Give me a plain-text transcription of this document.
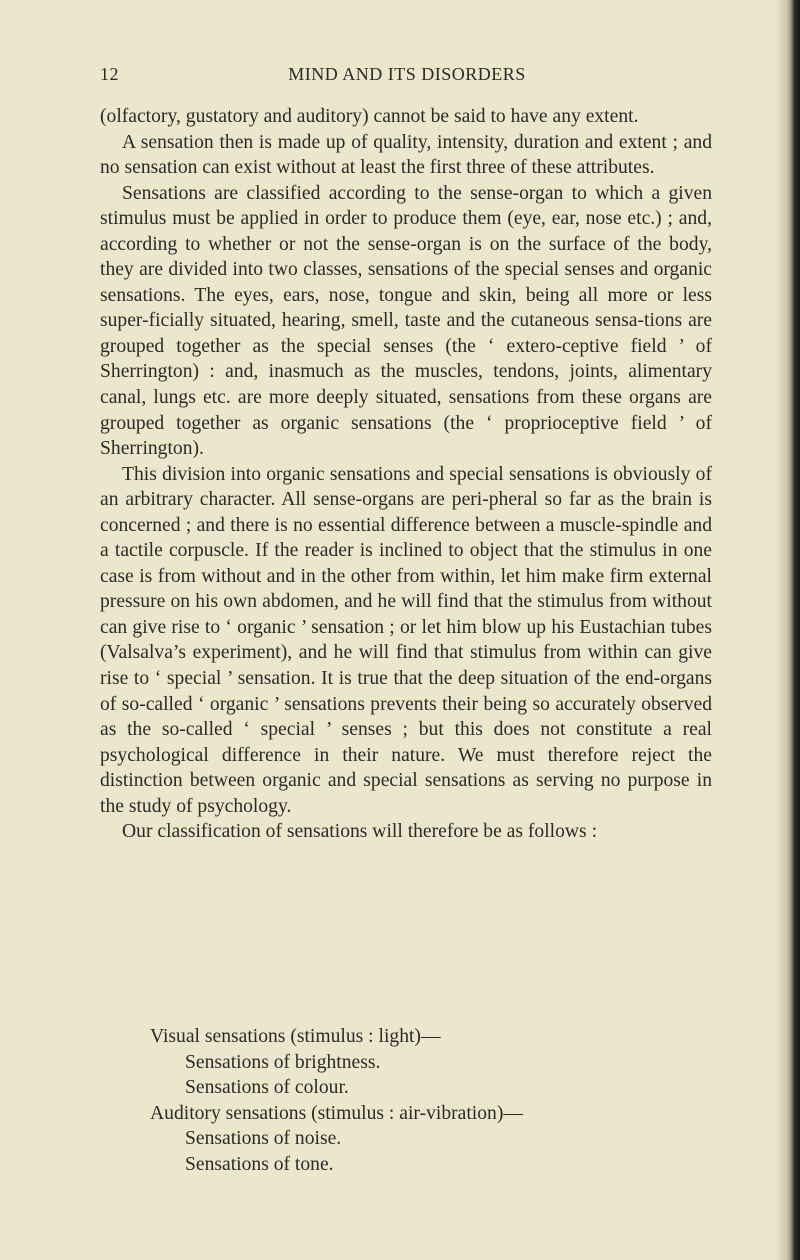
12	MIND AND ITS DISORDERS

(olfactory, gustatory and auditory) cannot be said to have any extent.

A sensation then is made up of quality, intensity, duration and extent ; and no sensation can exist without at least the first three of these attributes.

Sensations are classified according to the sense-organ to which a given stimulus must be applied in order to produce them (eye, ear, nose etc.) ; and, according to whether or not the sense-organ is on the surface of the body, they are divided into two classes, sensations of the special senses and organic sensations. The eyes, ears, nose, tongue and skin, being all more or less super-ficially situated, hearing, smell, taste and the cutaneous sensa-tions are grouped together as the special senses (the ‘ extero-ceptive field ’ of Sherrington) : and, inasmuch as the muscles, tendons, joints, alimentary canal, lungs etc. are more deeply situated, sensations from these organs are grouped together as organic sensations (the ‘ proprioceptive field ’ of Sherrington).

This division into organic sensations and special sensations is obviously of an arbitrary character. All sense-organs are peri-pheral so far as the brain is concerned ; and there is no essential difference between a muscle-spindle and a tactile corpuscle. If the reader is inclined to object that the stimulus in one case is from without and in the other from within, let him make firm external pressure on his own abdomen, and he will find that the stimulus from without can give rise to ‘ organic ’ sensation ; or let him blow up his Eustachian tubes (Valsalva’s experiment), and he will find that stimulus from within can give rise to ‘ special ’ sensation. It is true that the deep situation of the end-organs of so-called ‘ organic ’ sensations prevents their being so accurately observed as the so-called ‘ special ’ senses ; but this does not constitute a real psychological difference in their nature. We must therefore reject the distinction between organic and special sensations as serving no purpose in the study of psychology.

Our classification of sensations will therefore be as follows :

Visual sensations (stimulus : light)—
Sensations of brightness.
Sensations of colour.
Auditory sensations (stimulus : air-vibration)—
Sensations of noise.
Sensations of tone.
